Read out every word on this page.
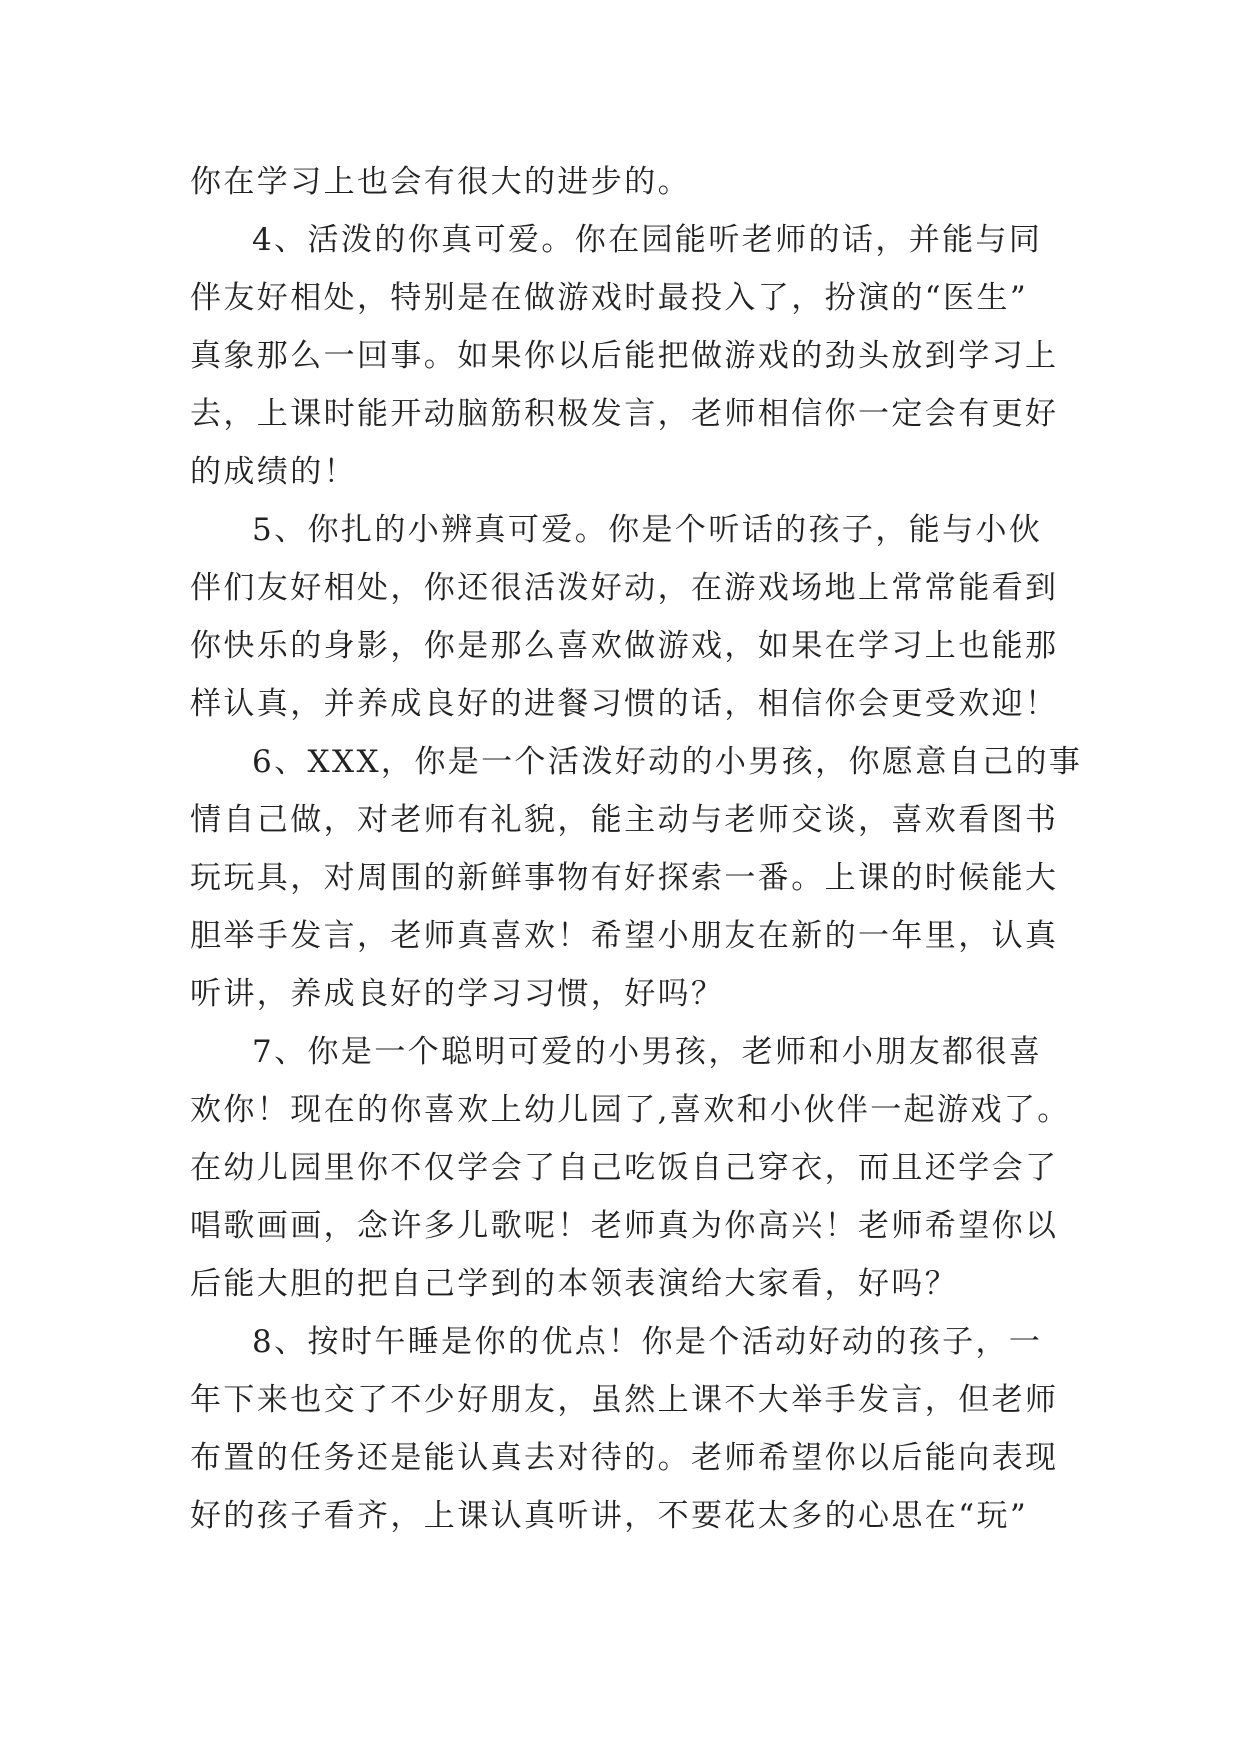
你在学习上也会有很大的进步的。
4、活泼的你真可爱。你在园能听老师的话，并能与同
伴友好相处，特别是在做游戏时最投入了，扮演的“医生”
真象那么一回事。如果你以后能把做游戏的劲头放到学习上
去，上课时能开动脑筋积极发言，老师相信你一定会有更好
的成绩的！
5、你扎的小辨真可爱。你是个听话的孩子，能与小伙
伴们友好相处，你还很活泼好动，在游戏场地上常常能看到
你快乐的身影，你是那么喜欢做游戏，如果在学习上也能那
样认真，并养成良好的进餐习惯的话，相信你会更受欢迎！
6、XXX，你是一个活泼好动的小男孩，你愿意自己的事
情自己做，对老师有礼貌，能主动与老师交谈，喜欢看图书
玩玩具，对周围的新鲜事物有好探索一番。上课的时候能大
胆举手发言，老师真喜欢！希望小朋友在新的一年里，认真
听讲，养成良好的学习习惯，好吗？
7、你是一个聪明可爱的小男孩，老师和小朋友都很喜
欢你！现在的你喜欢上幼儿园了,喜欢和小伙伴一起游戏了。
在幼儿园里你不仅学会了自己吃饭自己穿衣，而且还学会了
唱歌画画，念许多儿歌呢！老师真为你高兴！老师希望你以
后能大胆的把自己学到的本领表演给大家看，好吗？
8、按时午睡是你的优点！你是个活动好动的孩子，一
年下来也交了不少好朋友，虽然上课不大举手发言，但老师
布置的任务还是能认真去对待的。老师希望你以后能向表现
好的孩子看齐，上课认真听讲，不要花太多的心思在“玩”
